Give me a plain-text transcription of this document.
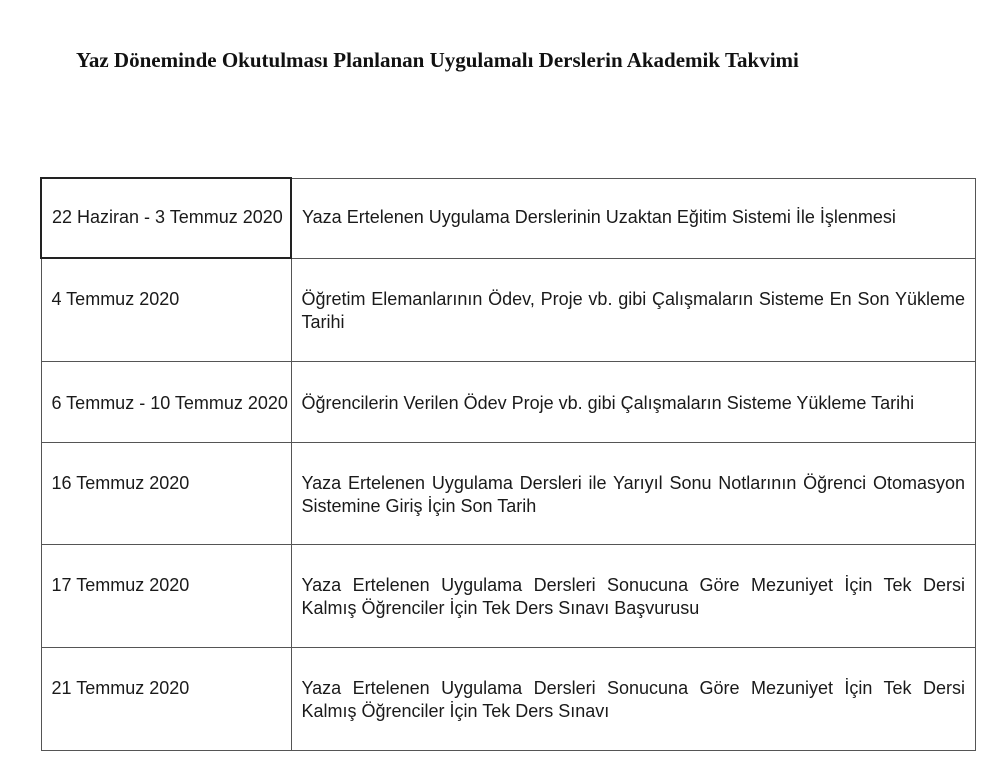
Yaz Döneminde Okutulması Planlanan Uygulamalı Derslerin Akademik Takvimi
22 Haziran - 3 Temmuz 2020	Yaza Ertelenen Uygulama Derslerinin Uzaktan Eğitim Sistemi İle İşlenmesi
4 Temmuz 2020	Öğretim Elemanlarının Ödev, Proje vb. gibi Çalışmaların Sisteme En Son Yükleme Tarihi
6 Temmuz - 10 Temmuz 2020	Öğrencilerin Verilen Ödev Proje vb. gibi Çalışmaların Sisteme Yükleme Tarihi
16 Temmuz 2020	Yaza Ertelenen Uygulama Dersleri ile Yarıyıl Sonu Notlarının Öğrenci Otomasyon Sistemine Giriş İçin Son Tarih
17 Temmuz 2020	Yaza Ertelenen Uygulama Dersleri Sonucuna Göre Mezuniyet İçin Tek Dersi Kalmış Öğrenciler İçin Tek Ders Sınavı Başvurusu
21 Temmuz 2020	Yaza Ertelenen Uygulama Dersleri Sonucuna Göre Mezuniyet İçin Tek Dersi Kalmış Öğrenciler İçin Tek Ders Sınavı
